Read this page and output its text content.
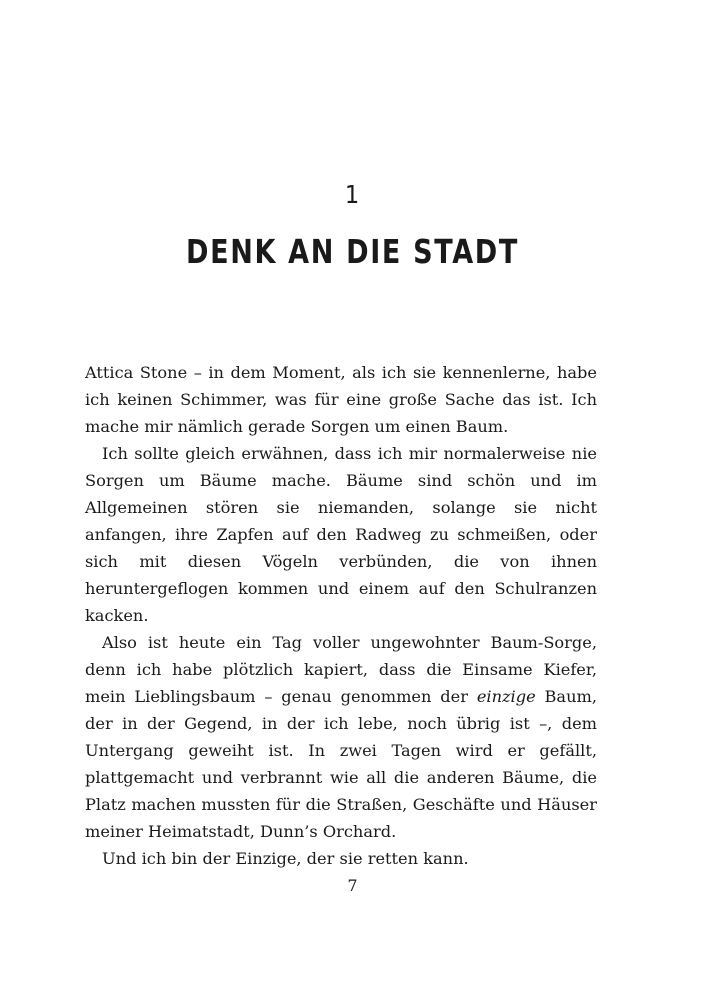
1
DENK AN DIE STADT

Attica Stone – in dem Moment, als ich sie kennenlerne, habe ich keinen Schimmer, was für eine große Sache das ist. Ich mache mir nämlich gerade Sorgen um einen Baum.

Ich sollte gleich erwähnen, dass ich mir normalerweise nie Sorgen um Bäume mache. Bäume sind schön und im Allgemeinen stören sie niemanden, solange sie nicht anfangen, ihre Zapfen auf den Radweg zu schmeißen, oder sich mit diesen Vögeln verbünden, die von ihnen heruntergeflogen kommen und einem auf den Schulranzen kacken.

Also ist heute ein Tag voller ungewohnter Baum-Sorge, denn ich habe plötzlich kapiert, dass die Einsame Kiefer, mein Lieblingsbaum – genau genommen der einzige Baum, der in der Gegend, in der ich lebe, noch übrig ist –, dem Untergang geweiht ist. In zwei Tagen wird er gefällt, plattgemacht und verbrannt wie all die anderen Bäume, die Platz machen mussten für die Straßen, Geschäfte und Häuser meiner Heimatstadt, Dunn’s Orchard.

Und ich bin der Einzige, der sie retten kann.

7
